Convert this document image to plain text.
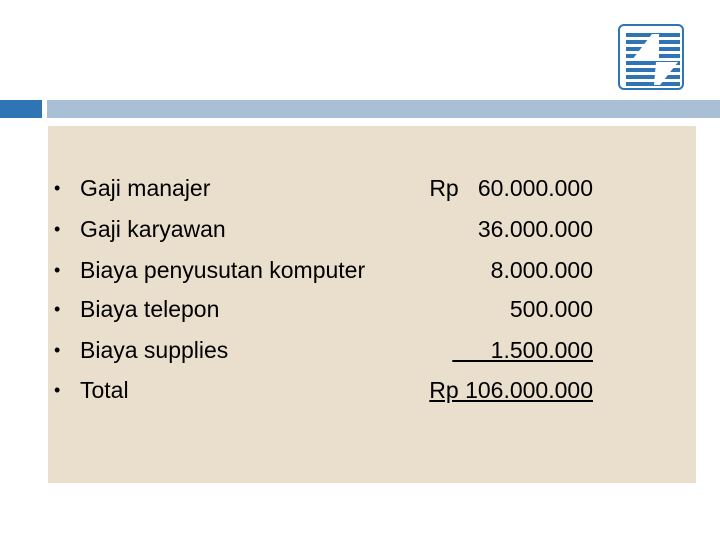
• Gaji manajer	Rp   60.000.000
• Gaji karyawan	36.000.000
• Biaya penyusutan komputer	8.000.000
• Biaya telepon	500.000
• Biaya supplies	1.500.000
• Total	Rp 106.000.000
